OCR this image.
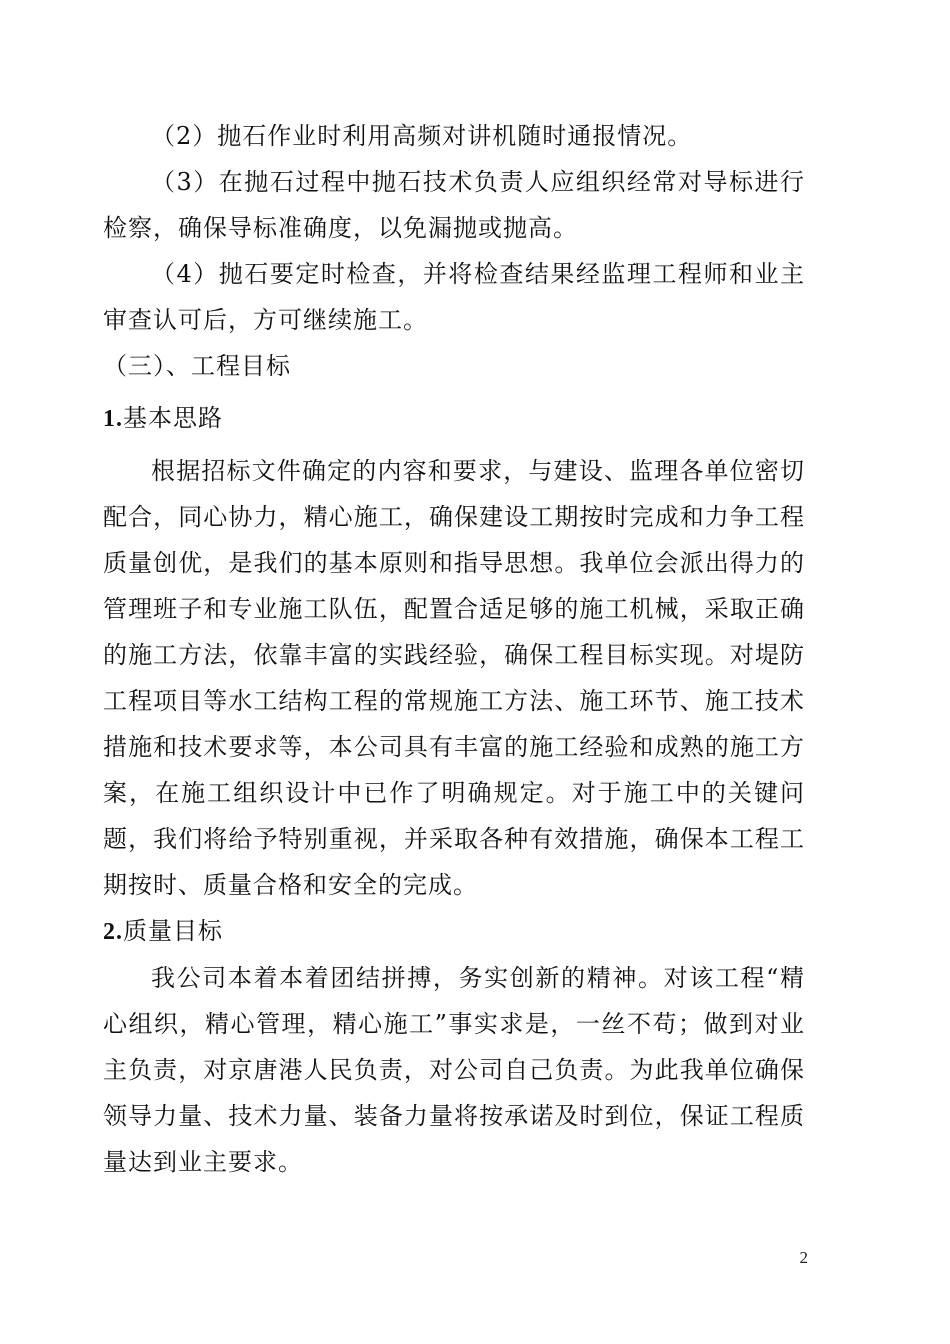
（2）抛石作业时利用高频对讲机随时通报情况。

（3）在抛石过程中抛石技术负责人应组织经常对导标进行检察，确保导标准确度，以免漏抛或抛高。

（4）抛石要定时检查，并将检查结果经监理工程师和业主审查认可后，方可继续施工。

（三）、工程目标

1.基本思路

根据招标文件确定的内容和要求，与建设、监理各单位密切配合，同心协力，精心施工，确保建设工期按时完成和力争工程质量创优，是我们的基本原则和指导思想。我单位会派出得力的管理班子和专业施工队伍，配置合适足够的施工机械，采取正确的施工方法，依靠丰富的实践经验，确保工程目标实现。对堤防工程项目等水工结构工程的常规施工方法、施工环节、施工技术措施和技术要求等，本公司具有丰富的施工经验和成熟的施工方案，在施工组织设计中已作了明确规定。对于施工中的关键问题，我们将给予特别重视，并采取各种有效措施，确保本工程工期按时、质量合格和安全的完成。

2.质量目标

我公司本着本着团结拼搏，务实创新的精神。对该工程“精心组织，精心管理，精心施工”事实求是，一丝不苟；做到对业主负责，对京唐港人民负责，对公司自己负责。为此我单位确保领导力量、技术力量、装备力量将按承诺及时到位，保证工程质量达到业主要求。

2
